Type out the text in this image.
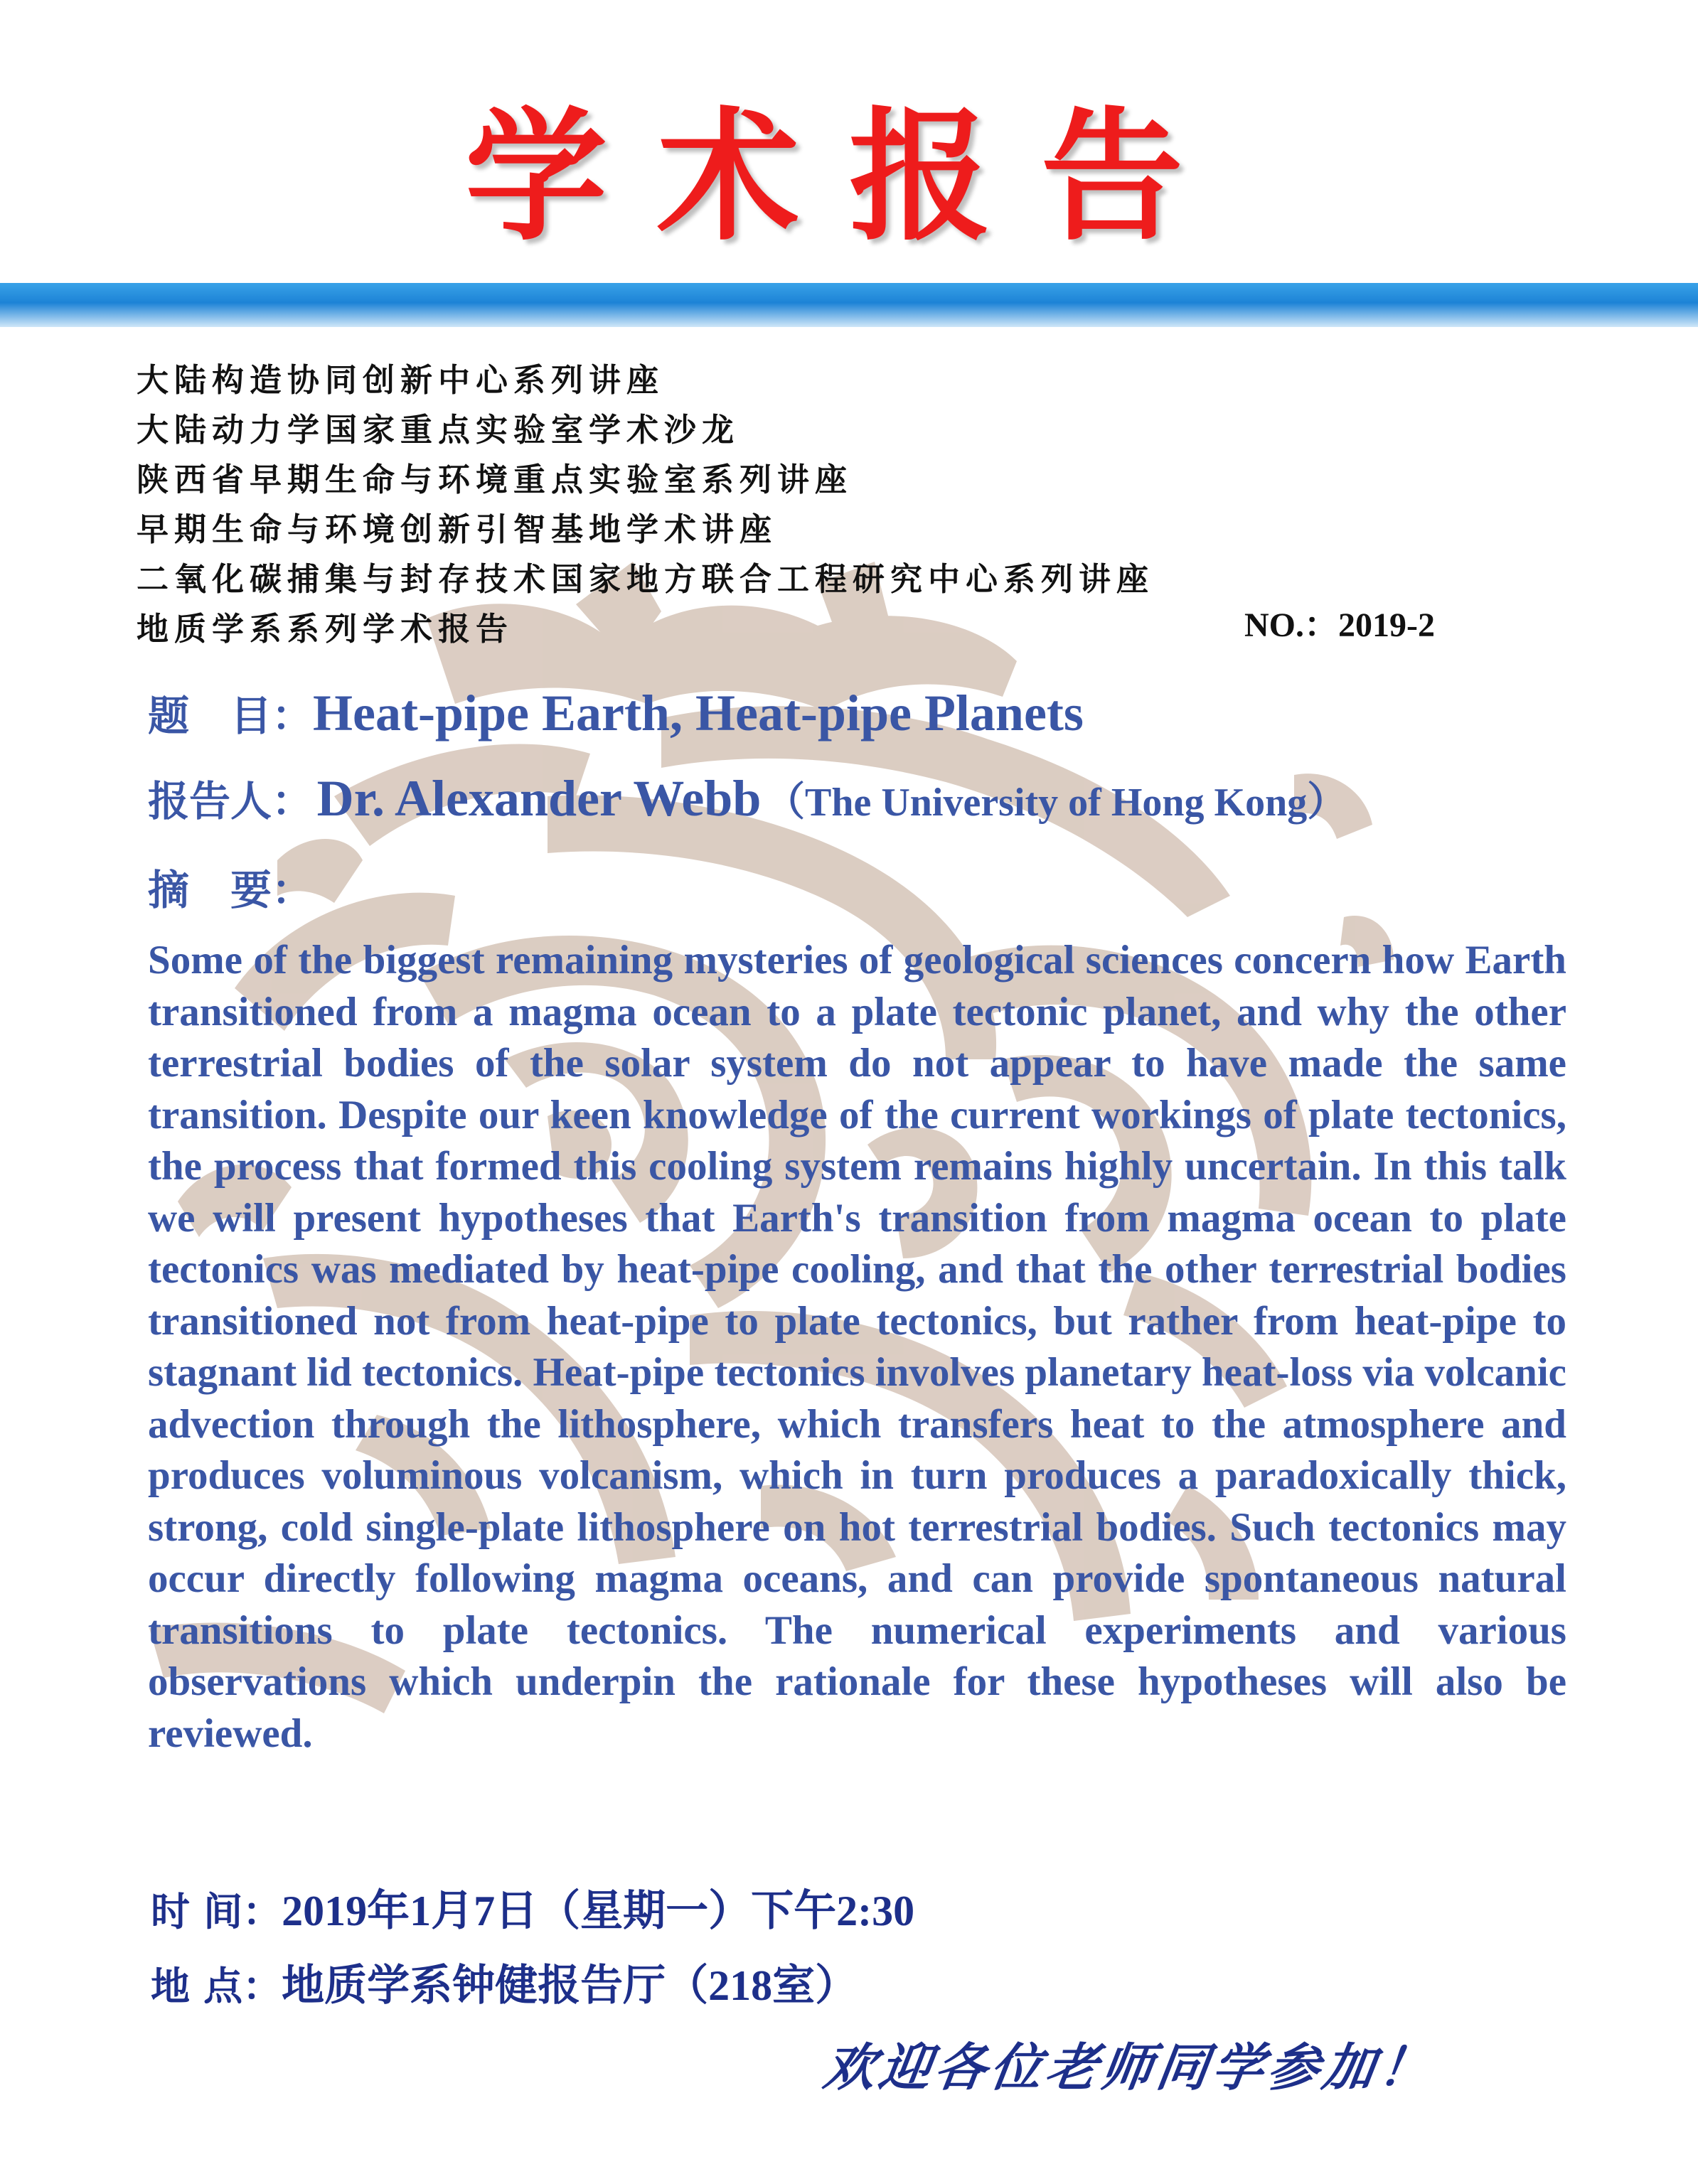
学术报告
大陆构造协同创新中心系列讲座
大陆动力学国家重点实验室学术沙龙
陕西省早期生命与环境重点实验室系列讲座
早期生命与环境创新引智基地学术讲座
二氧化碳捕集与封存技术国家地方联合工程研究中心系列讲座
地质学系系列学术报告	NO.：2019-2
题　目：Heat-pipe Earth, Heat-pipe Planets
报告人： Dr. Alexander Webb （The University of Hong Kong）
摘　要：

Some of the biggest remaining mysteries of geological sciences concern how Earth transitioned from a magma ocean to a plate tectonic planet, and why the other terrestrial bodies of the solar system do not appear to have made the same transition. Despite our keen knowledge of the current workings of plate tectonics, the process that formed this cooling system remains highly uncertain. In this talk we will present hypotheses that Earth's transition from magma ocean to plate tectonics was mediated by heat-pipe cooling, and that the other terrestrial bodies transitioned not from heat-pipe to plate tectonics, but rather from heat-pipe to stagnant lid tectonics. Heat-pipe tectonics involves planetary heat-loss via volcanic advection through the lithosphere, which transfers heat to the atmosphere and produces voluminous volcanism, which in turn produces a paradoxically thick, strong, cold single-plate lithosphere on hot terrestrial bodies. Such tectonics may occur directly following magma oceans, and can provide spontaneous natural transitions to plate tectonics. The numerical experiments and various observations which underpin the rationale for these hypotheses will also be reviewed.

时 间：2019年1月7日（星期一）下午2:30
地 点：地质学系钟健报告厅（218室）
欢迎各位老师同学参加！
